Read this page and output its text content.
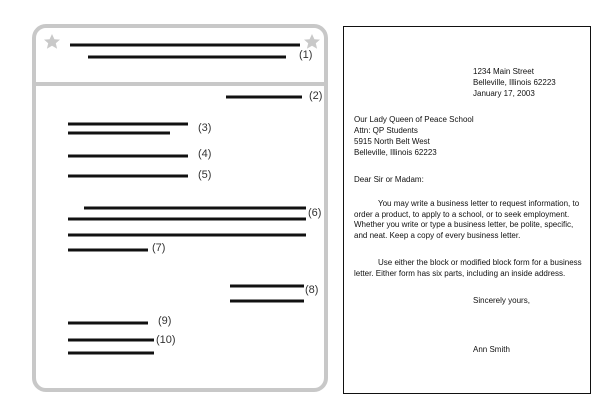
(1)
(2)
(3)
(4)
(5)
(6)
(7)
(8)
(9)
(10)
1234 Main Street
Belleville, Illinois 62223
January 17, 2003
Our Lady Queen of Peace School
Attn: QP Students
5915 North Belt West
Belleville, Illinois 62223
Dear Sir or Madam:
You may write a business letter to request information, to order a product, to apply to a school, or to seek employment. Whether you write or type a business letter, be polite, specific, and neat. Keep a copy of every business letter.
Use either the block or modified block form for a business letter. Either form has six parts, including an inside address.
Sincerely yours,
Ann Smith
